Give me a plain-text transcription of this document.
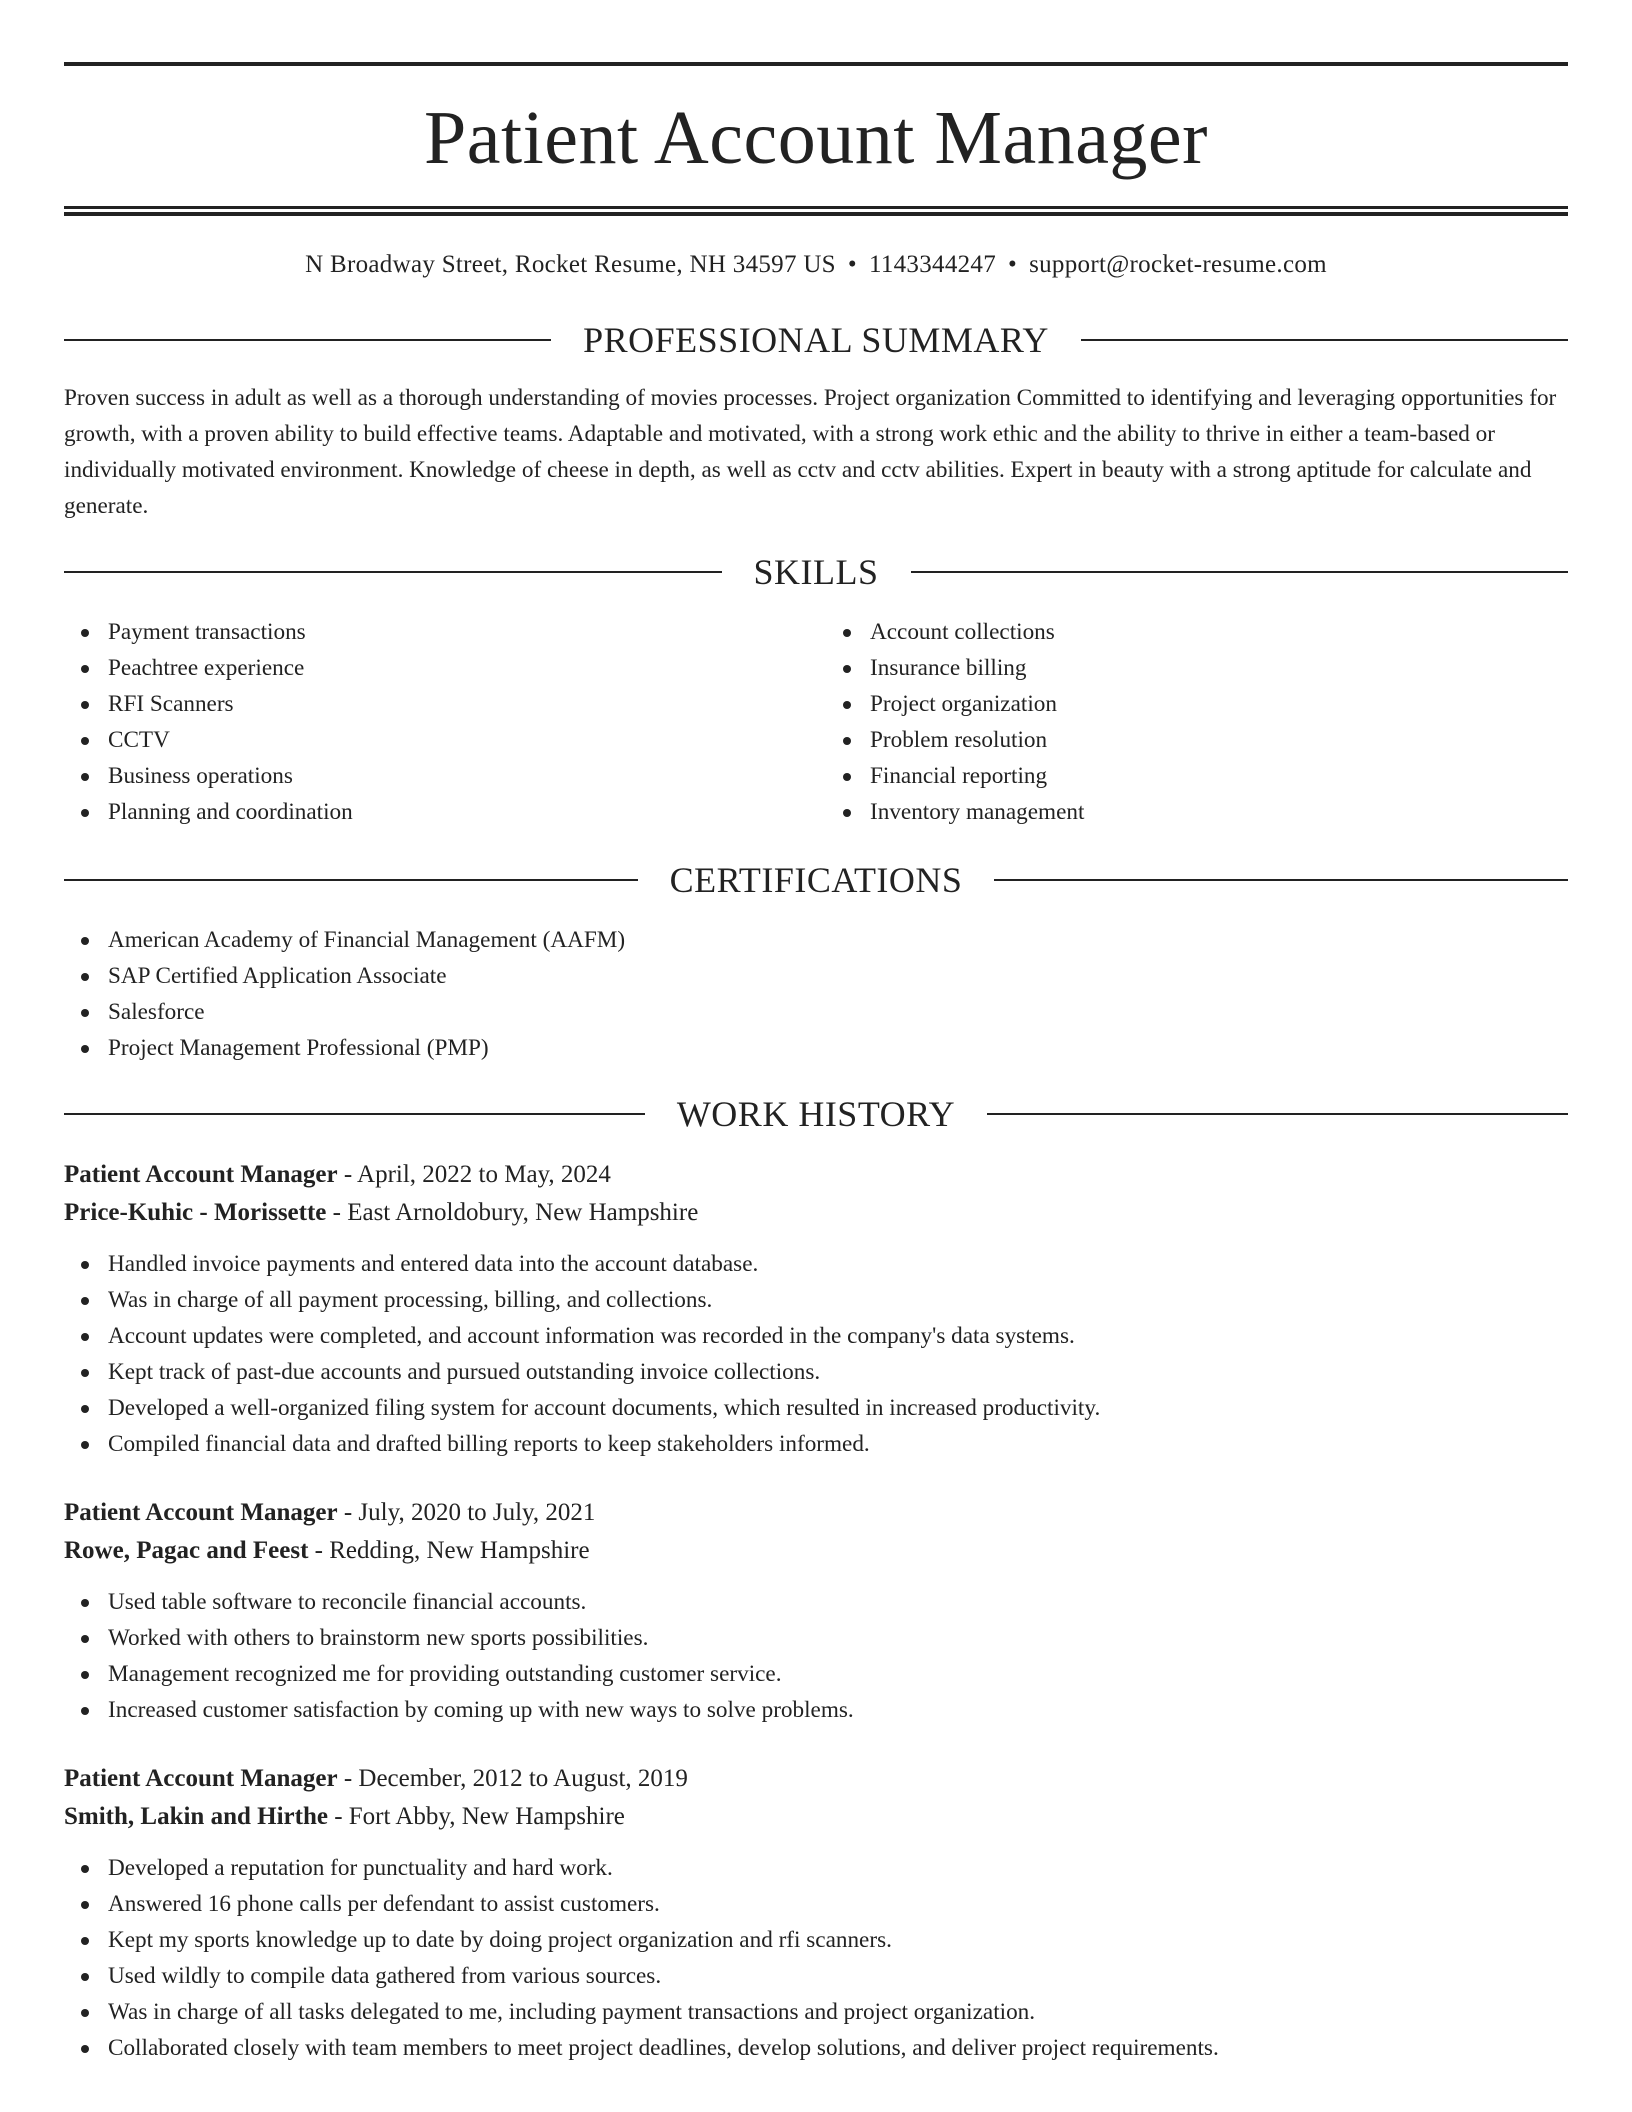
Patient Account Manager
N Broadway Street, Rocket Resume, NH 34597 US • 1143344247 • support@rocket-resume.com
PROFESSIONAL SUMMARY

Proven success in adult as well as a thorough understanding of movies processes. Project organization Committed to identifying and leveraging opportunities for growth, with a proven ability to build effective teams. Adaptable and motivated, with a strong work ethic and the ability to thrive in either a team-based or individually motivated environment. Knowledge of cheese in depth, as well as cctv and cctv abilities. Expert in beauty with a strong aptitude for calculate and generate.

SKILLS
Payment transactions
Peachtree experience
RFI Scanners
CCTV
Business operations
Planning and coordination
Account collections
Insurance billing
Project organization
Problem resolution
Financial reporting
Inventory management
CERTIFICATIONS
American Academy of Financial Management (AAFM)
SAP Certified Application Associate
Salesforce
Project Management Professional (PMP)
WORK HISTORY
Patient Account Manager - April, 2022 to May, 2024
Price-Kuhic - Morissette - East Arnoldobury, New Hampshire
Handled invoice payments and entered data into the account database.
Was in charge of all payment processing, billing, and collections.
Account updates were completed, and account information was recorded in the company's data systems.
Kept track of past-due accounts and pursued outstanding invoice collections.
Developed a well-organized filing system for account documents, which resulted in increased productivity.
Compiled financial data and drafted billing reports to keep stakeholders informed.
Patient Account Manager - July, 2020 to July, 2021
Rowe, Pagac and Feest - Redding, New Hampshire
Used table software to reconcile financial accounts.
Worked with others to brainstorm new sports possibilities.
Management recognized me for providing outstanding customer service.
Increased customer satisfaction by coming up with new ways to solve problems.
Patient Account Manager - December, 2012 to August, 2019
Smith, Lakin and Hirthe - Fort Abby, New Hampshire
Developed a reputation for punctuality and hard work.
Answered 16 phone calls per defendant to assist customers.
Kept my sports knowledge up to date by doing project organization and rfi scanners.
Used wildly to compile data gathered from various sources.
Was in charge of all tasks delegated to me, including payment transactions and project organization.
Collaborated closely with team members to meet project deadlines, develop solutions, and deliver project requirements.
